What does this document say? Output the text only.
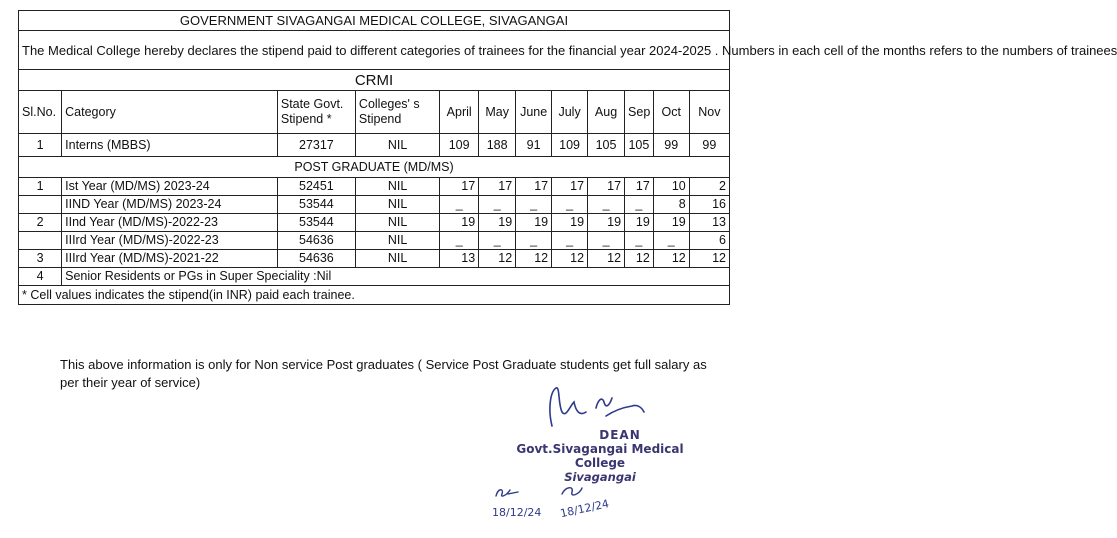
GOVERNMENT SIVAGANGAI MEDICAL COLLEGE, SIVAGANGAI											
The Medical College hereby declares the stipend paid to different categories of trainees for the financial year 2024-2025 . Numbers in each cell of the months refers to the numbers of trainees											
CRMI											
Sl.No.	Category	State Govt. Stipend *	Colleges' s Stipend	April	May	June	July	Aug	Sep	Oct	Nov
1	Interns (MBBS)	27317	NIL	109	188	91	109	105	105	99	99
POST GRADUATE (MD/MS)											
1	Ist Year (MD/MS) 2023-24	52451	NIL	17	17	17	17	17	17	10	2
	IIND Year (MD/MS) 2023-24	53544	NIL	_	_	_	_	_	_	8	16
2	IInd Year (MD/MS)-2022-23	53544	NIL	19	19	19	19	19	19	19	13
	IIIrd Year (MD/MS)-2022-23	54636	NIL	_	_	_	_	_	_	_	6
3	IIIrd Year (MD/MS)-2021-22	54636	NIL	13	12	12	12	12	12	12	12
4	Senior Residents or PGs in Super Speciality :Nil										
* Cell values indicates the stipend(in INR) paid each trainee.											
This above information is only for Non service Post graduates ( Service Post Graduate students get full salary as per their year of service)
DEAN
Govt.Sivagangai Medical College
Sivagangai
18/12/24 18/12/24
